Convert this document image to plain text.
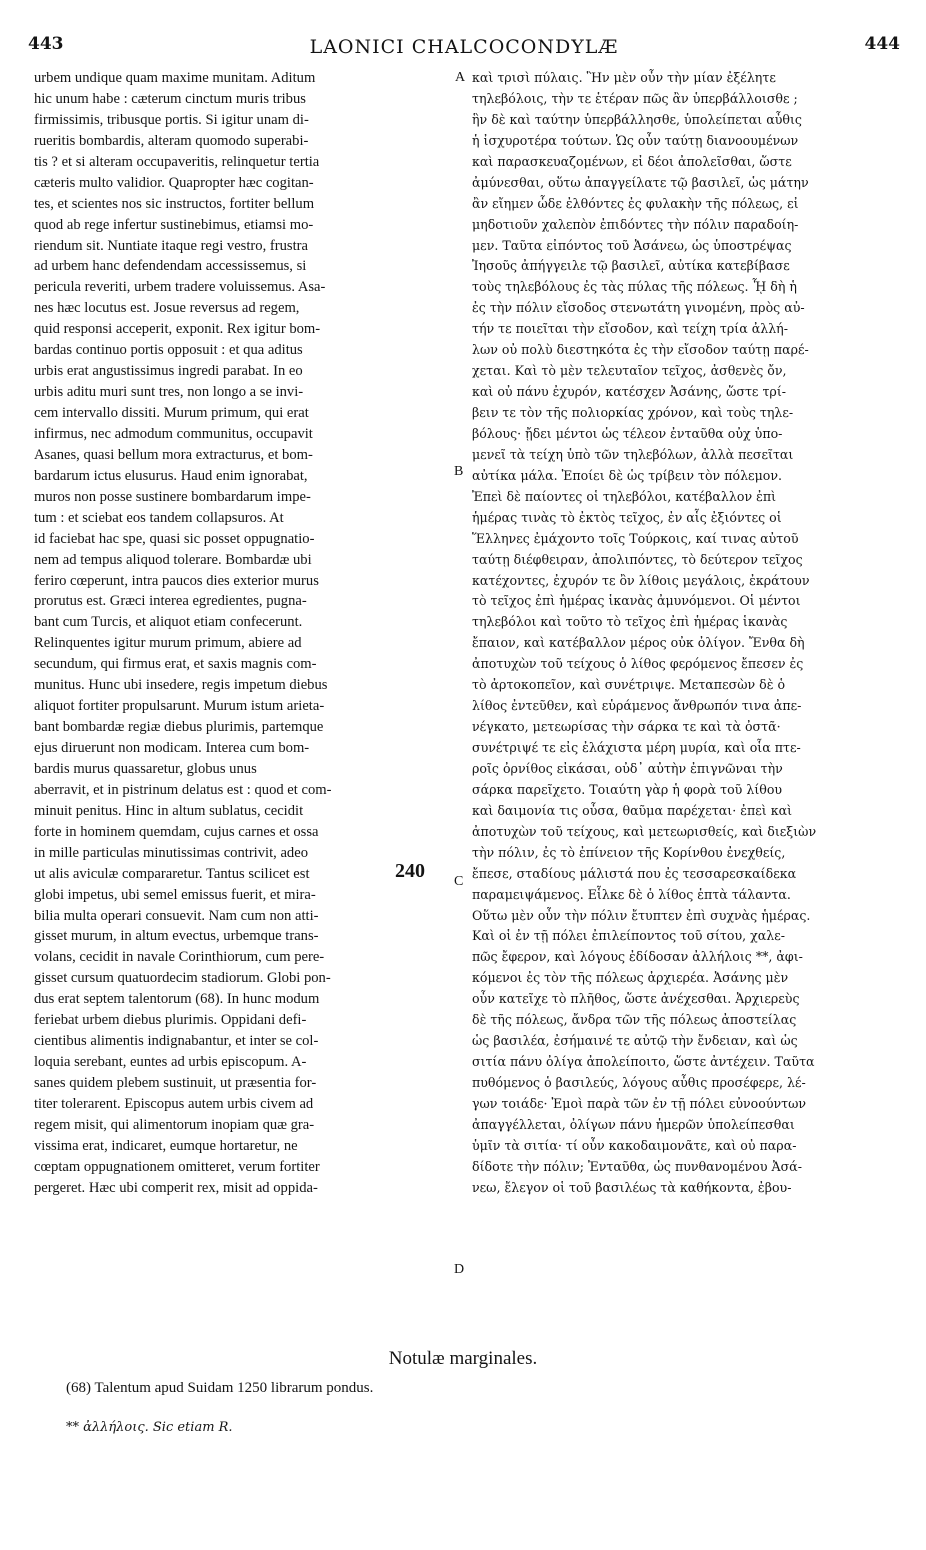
443	LAONICI CHALCOCONDYLÆ	444
urbem undique quam maxime munitam. Aditum
hic unum habe : cæterum cinctum muris tribus
firmissimis, tribusque portis. Si igitur unam di-
rueritis bombardis, alteram quomodo superabi-
tis ? et si alteram occupaveritis, relinquetur tertia
cæteris multo validior. Quapropter hæc cogitan-
tes, et scientes nos sic instructos, fortiter bellum
quod ab rege infertur sustinebimus, etiamsi mo-
riendum sit. Nuntiate itaque regi vestro, frustra
ad urbem hanc defendendam accessissemus, si
pericula reveriti, urbem tradere voluissemus. Asa-
nes hæc locutus est. Josue reversus ad regem,
quid responsi acceperit, exponit. Rex igitur bom-
bardas continuo portis opposuit : et qua aditus
urbis erat angustissimus ingredi parabat. In eo
urbis aditu muri sunt tres, non longo a se invi-
cem intervallo dissiti. Murum primum, qui erat
infirmus, nec admodum communitus, occupavit
Asanes, quasi bellum mora extracturus, et bom-
bardarum ictus elusurus. Haud enim ignorabat,
muros non posse sustinere bombardarum impe-
tum : et sciebat eos tandem collapsuros. At
id faciebat hac spe, quasi sic posset oppugnatio-
nem ad tempus aliquod tolerare. Bombardæ ubi
feriro cœperunt, intra paucos dies exterior murus
prorutus est. Græci interea egredientes, pugna-
bant cum Turcis, et aliquot etiam confecerunt.
Relinquentes igitur murum primum, abiere ad
secundum, qui firmus erat, et saxis magnis com-
munitus. Hunc ubi insedere, regis impetum diebus
aliquot fortiter propulsarunt. Murum istum arieta-
bant bombardæ regiæ diebus plurimis, partemque
ejus diruerunt non modicam. Interea cum bom-
bardis murus quassaretur, globus unus
aberravit, et in pistrinum delatus est : quod et com-
minuit penitus. Hinc in altum sublatus, cecidit
forte in hominem quemdam, cujus carnes et ossa
in mille particulas minutissimas contrivit, adeo
ut alis aviculæ compararetur. Tantus scilicet est
globi impetus, ubi semel emissus fuerit, et mira-
bilia multa operari consuevit. Nam cum non atti-
gisset murum, in altum evectus, urbemque trans-
volans, cecidit in navale Corinthiorum, cum pere-
gisset cursum quatuordecim stadiorum. Globi pon-
dus erat septem talentorum (68). In hunc modum
feriebat urbem diebus plurimis. Oppidani defi-
cientibus alimentis indignabantur, et inter se col-
loquia serebant, euntes ad urbis episcopum. A-
sanes quidem plebem sustinuit, ut præsentia for-
titer tolerarent. Episcopus autem urbis civem ad
regem misit, qui alimentorum inopiam quæ gra-
vissima erat, indicaret, eumque hortaretur, ne
cœptam oppugnationem omitteret, verum fortiter
pergeret. Hæc ubi comperit rex, misit ad oppida-
καὶ τρισὶ πύλαις. Ἣν μὲν οὖν τὴν μίαν ἐξέλητε
τηλεβόλοις, τὴν τε ἑτέραν πῶς ἂν ὑπερβάλλοισθε ;
ἣν δὲ καὶ ταύτην ὑπερβάλλησθε, ὑπολείπεται αὖθις
ἡ ἰσχυροτέρα τούτων. Ὡς οὖν ταύτῃ διανοουμένων
καὶ παρασκευαζομένων, εἰ δέοι ἀπολεῖσθαι, ὥστε
ἀμύνεσθαι, οὕτω ἀπαγγείλατε τῷ βασιλεῖ, ὡς μάτην
ἂν εἴημεν ὧδε ἐλθόντες ἐς φυλακὴν τῆς πόλεως, εἰ
μηδοτιοῦν χαλεπὸν ἐπιδόντες τὴν πόλιν παραδοίη-
μεν. Ταῦτα εἰπόντος τοῦ Ἀσάνεω, ὡς ὑποστρέψας
Ἰησοῦς ἀπήγγειλε τῷ βασιλεῖ, αὐτίκα κατεβίβασε
τοὺς τηλεβόλους ἐς τὰς πύλας τῆς πόλεως. ᾟ δὴ ἡ
ἐς τὴν πόλιν εἴσοδος στενωτάτη γινομένη, πρὸς αὐ-
τήν τε ποιεῖται τὴν εἴσοδον, καὶ τείχη τρία ἀλλή-
λων οὐ πολὺ διεστηκότα ἐς τὴν εἴσοδον ταύτῃ παρέ-
χεται. Καὶ τὸ μὲν τελευταῖον τεῖχος, ἀσθενὲς ὄν,
καὶ οὐ πάνυ ἐχυρόν, κατέσχεν Ἀσάνης, ὥστε τρί-
βειν τε τὸν τῆς πολιορκίας χρόνον, καὶ τοὺς τηλε-
βόλους· ᾔδει μέντοι ὡς τέλεον ἐνταῦθα οὐχ ὑπο-
μενεῖ τὰ τείχη ὑπὸ τῶν τηλεβόλων, ἀλλὰ πεσεῖται
αὐτίκα μάλα. Ἐποίει δὲ ὡς τρίβειν τὸν πόλεμον.
Ἐπεὶ δὲ παίοντες οἱ τηλεβόλοι, κατέβαλλον ἐπὶ
ἡμέρας τινὰς τὸ ἐκτὸς τεῖχος, ἐν αἷς ἐξιόντες οἱ
Ἕλληνες ἐμάχοντο τοῖς Τούρκοις, καί τινας αὐτοῦ
ταύτῃ διέφθειραν, ἀπολιπόντες, τὸ δεύτερον τεῖχος
κατέχοντες, ἐχυρόν τε ὂν λίθοις μεγάλοις, ἐκράτουν
τὸ τεῖχος ἐπὶ ἡμέρας ἱκανὰς ἀμυνόμενοι. Οἱ μέντοι
τηλεβόλοι καὶ τοῦτο τὸ τεῖχος ἐπὶ ἡμέρας ἱκανὰς
ἔπαιον, καὶ κατέβαλλον μέρος οὐκ ὀλίγον. Ἔνθα δὴ
ἀποτυχὼν τοῦ τείχους ὁ λίθος φερόμενος ἔπεσεν ἐς
τὸ ἀρτοκοπεῖον, καὶ συνέτριψε. Μεταπεσὼν δὲ ὁ
λίθος ἐντεῦθεν, καὶ εὑράμενος ἄνθρωπόν τινα ἀπε-
νέγκατο, μετεωρίσας τὴν σάρκα τε καὶ τὰ ὀστᾶ·
συνέτριψέ τε εἰς ἐλάχιστα μέρη μυρία, καὶ οἷα πτε-
ροῖς ὀρνίθος εἰκάσαι, οὐδ᾽ αὐτὴν ἐπιγνῶναι τὴν
σάρκα παρεῖχετο. Τοιαύτη γὰρ ἡ φορὰ τοῦ λίθου
καὶ δαιμονία τις οὖσα, θαῦμα παρέχεται· ἐπεὶ καὶ
ἀποτυχὼν τοῦ τείχους, καὶ μετεωρισθείς, καὶ διεξιὼν
τὴν πόλιν, ἐς τὸ ἐπίνειον τῆς Κορίνθου ἐνεχθείς,
ἔπεσε, σταδίους μάλιστά που ἐς τεσσαρεσκαίδεκα
παραμειψάμενος. Εἷλκε δὲ ὁ λίθος ἑπτὰ τάλαντα.
Οὕτω μὲν οὖν τὴν πόλιν ἔτυπτεν ἐπὶ συχνὰς ἡμέρας.
Καὶ οἱ ἐν τῇ πόλει ἐπιλείποντος τοῦ σίτου, χαλε-
πῶς ἔφερον, καὶ λόγους ἐδίδοσαν ἀλλήλοις **, ἀφι-
κόμενοι ἐς τὸν τῆς πόλεως ἀρχιερέα. Ἀσάνης μὲν
οὖν κατεῖχε τὸ πλῆθος, ὥστε ἀνέχεσθαι. Ἀρχιερεὺς
δὲ τῆς πόλεως, ἄνδρα τῶν τῆς πόλεως ἀποστείλας
ὡς βασιλέα, ἐσήμαινέ τε αὐτῷ τὴν ἔνδειαν, καὶ ὡς
σιτία πάνυ ὀλίγα ἀπολείποιτο, ὥστε ἀντέχειν. Ταῦτα
πυθόμενος ὁ βασιλεύς, λόγους αὖθις προσέφερε, λέ-
γων τοιάδε· Ἐμοὶ παρὰ τῶν ἐν τῇ πόλει εὐνοούντων
ἀπαγγέλλεται, ὀλίγων πάνυ ἡμερῶν ὑπολείπεσθαι
ὑμῖν τὰ σιτία· τί οὖν κακοδαιμονᾶτε, καὶ οὐ παρα-
δίδοτε τὴν πόλιν; Ἐνταῦθα, ὡς πυνθανομένου Ἀσά-
νεω, ἔλεγον οἱ τοῦ βασιλέως τὰ καθήκοντα, ἐβου-
A
B
C
D
240
Notulæ marginales.
(68) Talentum apud Suidam 1250 librarum pondus.
** ἀλλήλοις. Sic etiam R.
